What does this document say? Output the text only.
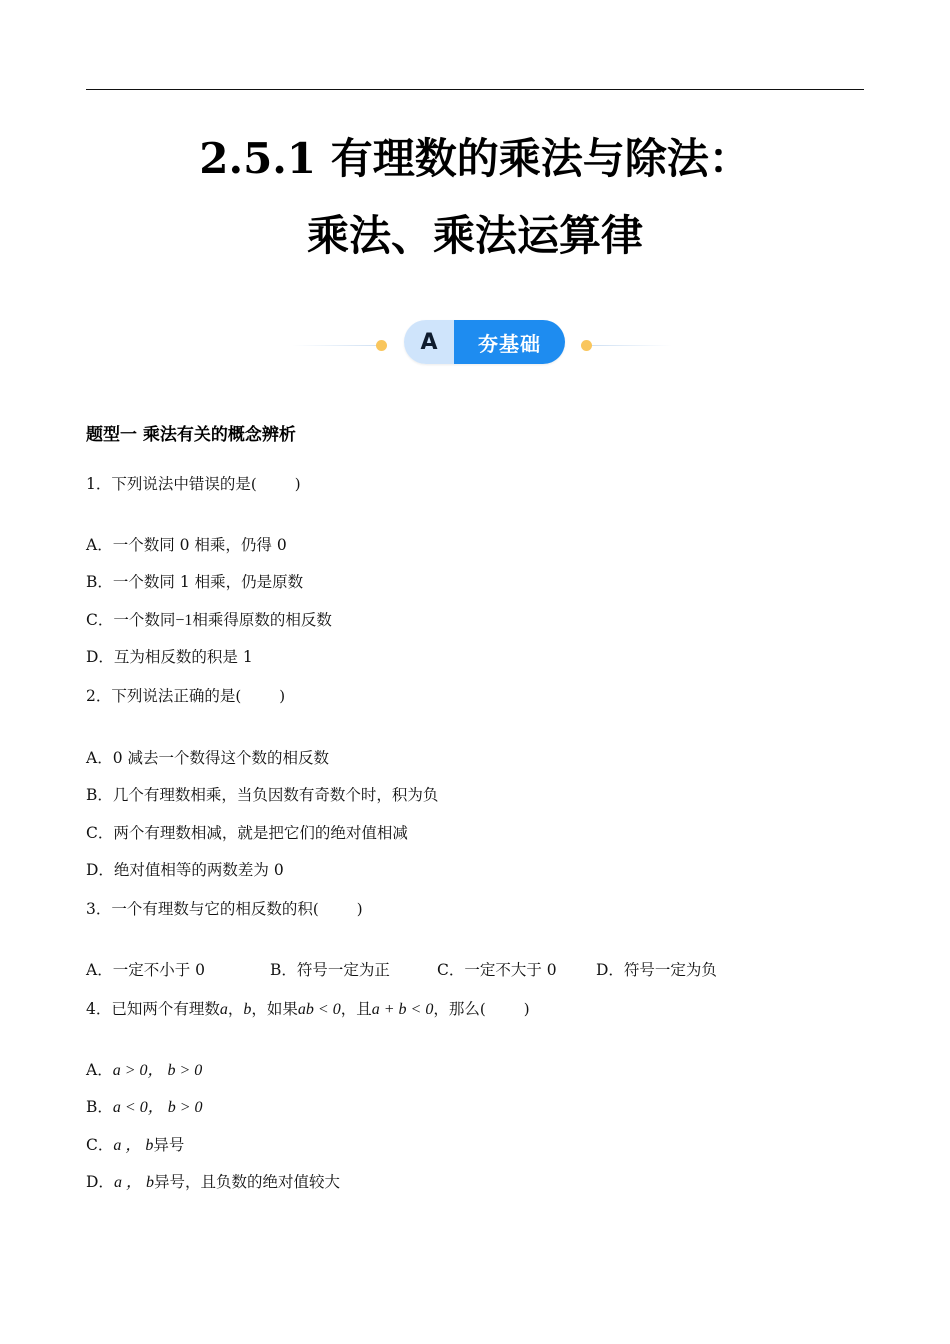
2.5.1 有理数的乘法与除法：
乘法、乘法运算律
A	夯基础
题型一 乘法有关的概念辨析
1．下列说法中错误的是(	)
A．一个数同 0 相乘，仍得 0
B．一个数同 1 相乘，仍是原数
C．一个数同−1相乘得原数的相反数
D．互为相反数的积是 1
2．下列说法正确的是(	)
A．0 减去一个数得这个数的相反数
B．几个有理数相乘，当负因数有奇数个时，积为负
C．两个有理数相减，就是把它们的绝对值相减
D．绝对值相等的两数差为 0
3．一个有理数与它的相反数的积(	)
A．一定不小于 0	B．符号一定为正	C．一定不大于 0	D．符号一定为负
4．已知两个有理数a，b，如果ab < 0，且a + b < 0，那么(	)
A．a > 0， b > 0
B．a < 0， b > 0
C．a ， b异号
D．a ， b异号，且负数的绝对值较大
